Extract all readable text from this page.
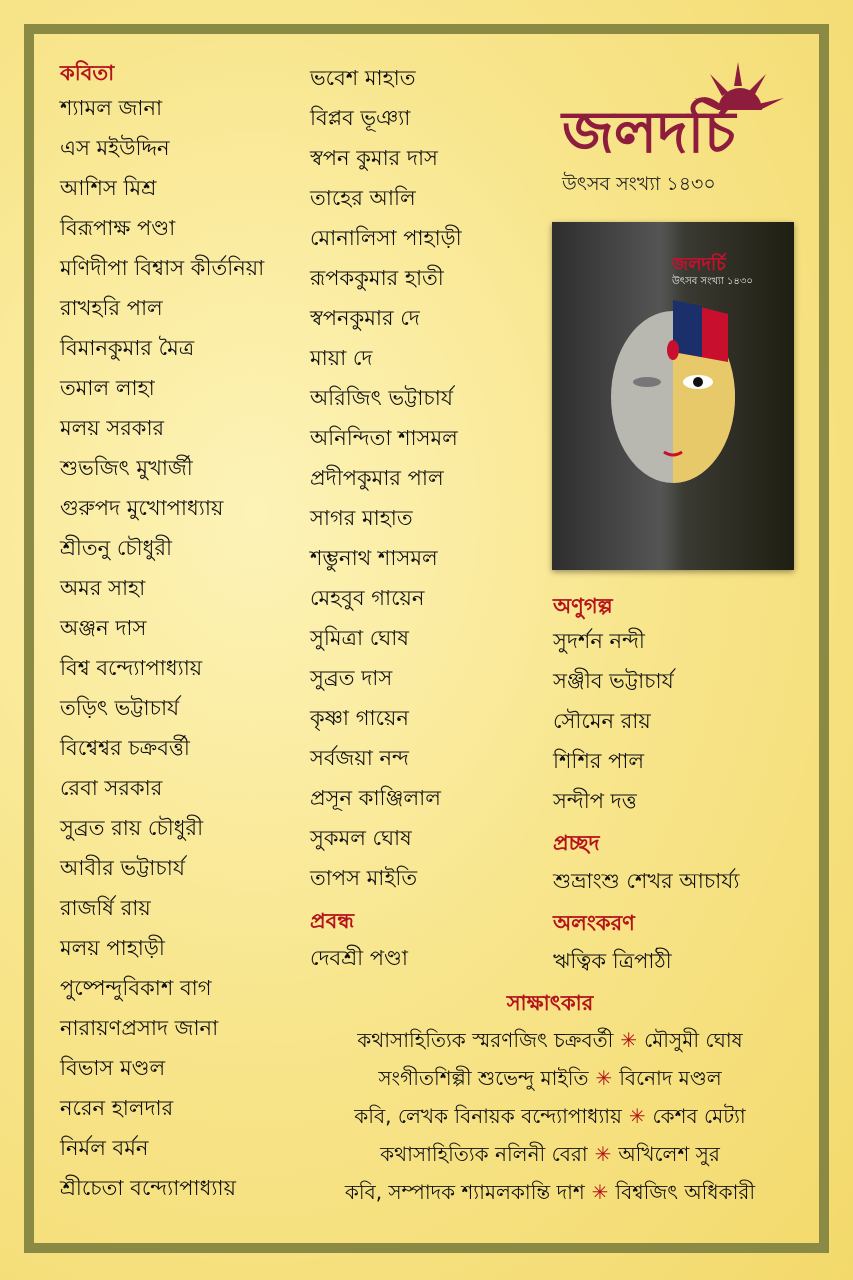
কবিতা
শ্যামল জানা
এস মইউদ্দিন
আশিস মিশ্র
বিরূপাক্ষ পণ্ডা
মণিদীপা বিশ্বাস কীর্তনিয়া
রাখহরি পাল
বিমানকুমার মৈত্র
তমাল লাহা
মলয় সরকার
শুভজিৎ মুখার্জী
গুরুপদ মুখোপাধ্যায়
শ্রীতনু চৌধুরী
অমর সাহা
অঞ্জন দাস
বিশ্ব বন্দ্যোপাধ্যায়
তড়িৎ ভট্টাচার্য
বিশ্বেশ্বর চক্রবর্ত্তী
রেবা সরকার
সুব্রত রায় চৌধুরী
আবীর ভট্টাচার্য
রাজর্ষি রায়
মলয় পাহাড়ী
পুষ্পেন্দুবিকাশ বাগ
নারায়ণপ্রসাদ জানা
বিভাস মণ্ডল
নরেন হালদার
নির্মল বর্মন
শ্রীচেতা বন্দ্যোপাধ্যায়
ভবেশ মাহাত
বিপ্লব ভূঞ্যা
স্বপন কুমার দাস
তাহের আলি
মোনালিসা পাহাড়ী
রূপককুমার হাতী
স্বপনকুমার দে
মায়া দে
অরিজিৎ ভট্টাচার্য
অনিন্দিতা শাসমল
প্রদীপকুমার পাল
সাগর মাহাত
শম্ভুনাথ শাসমল
মেহবুব গায়েন
সুমিত্রা ঘোষ
সুব্রত দাস
কৃষ্ণা গায়েন
সর্বজয়া নন্দ
প্রসূন কাঞ্জিলাল
সুকমল ঘোষ
তাপস মাইতি
প্রবন্ধ
দেবশ্রী পণ্ডা
জলদর্চি
উৎসব সংখ্যা ১৪৩০
জলদর্চি
উৎসব সংখ্যা ১৪৩০
অণুগল্প
সুদর্শন নন্দী
সঞ্জীব ভট্টাচার্য
সৌমেন রায়
শিশির পাল
সন্দীপ দত্ত
প্রচ্ছদ
শুভ্রাংশু শেখর আচার্য্য
অলংকরণ
ঋত্বিক ত্রিপাঠী
সাক্ষাৎকার
কথাসাহিত্যিক স্মরণজিৎ চক্রবর্তী ✳ মৌসুমী ঘোষ
সংগীতশিল্পী শুভেন্দু মাইতি ✳ বিনোদ মণ্ডল
কবি, লেখক বিনায়ক বন্দ্যোপাধ্যায় ✳ কেশব মেট্যা
কথাসাহিত্যিক নলিনী বেরা ✳ অখিলেশ সুর
কবি, সম্পাদক শ্যামলকান্তি দাশ ✳ বিশ্বজিৎ অধিকারী
